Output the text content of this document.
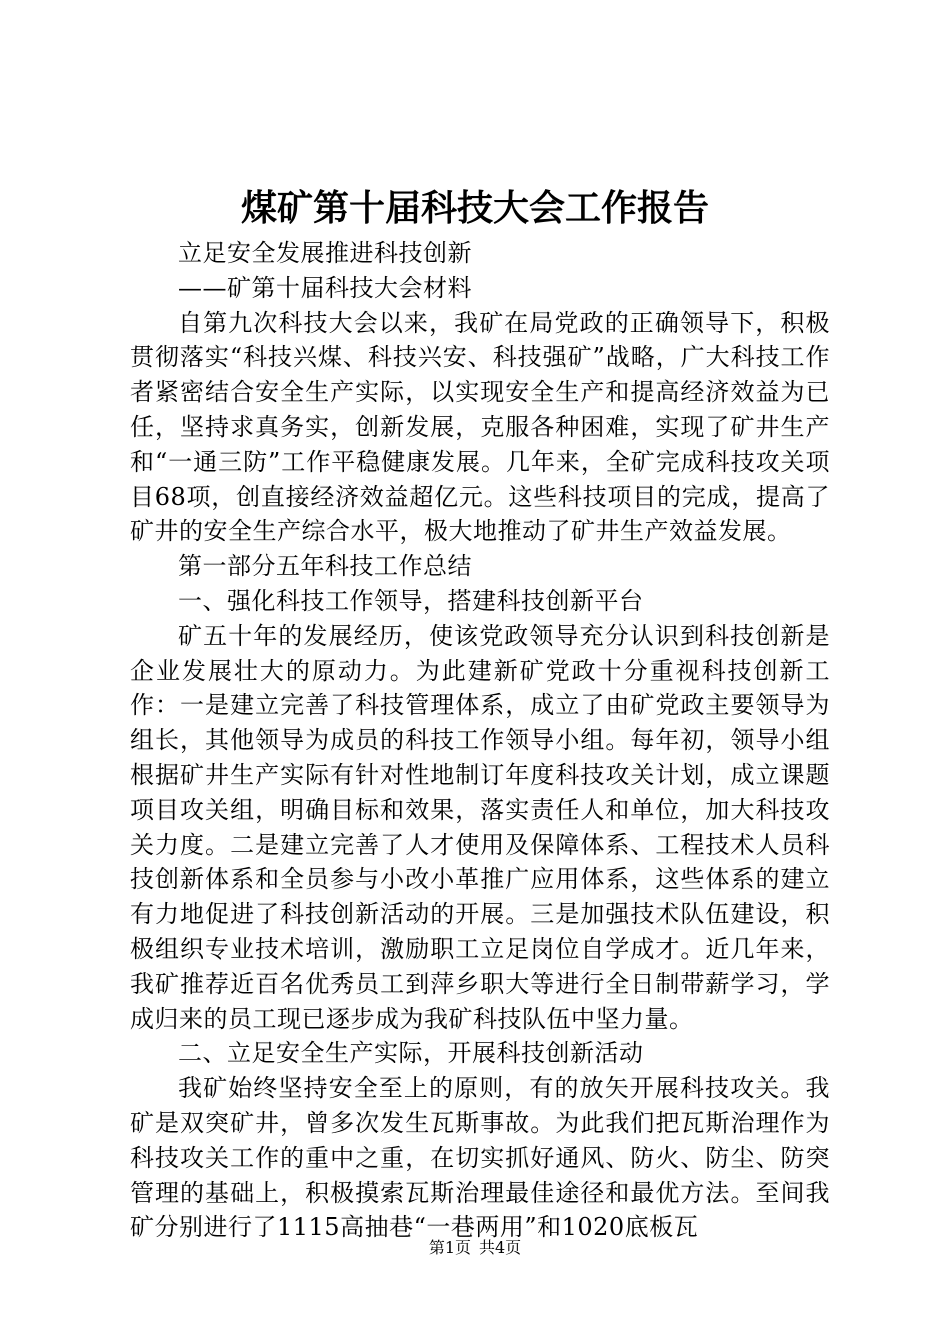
煤矿第十届科技大会工作报告

立足安全发展推进科技创新

——矿第十届科技大会材料

自第九次科技大会以来，我矿在局党政的正确领导下，积极贯彻落实“科技兴煤、科技兴安、科技强矿”战略，广大科技工作者紧密结合安全生产实际，以实现安全生产和提高经济效益为已任，坚持求真务实，创新发展，克服各种困难，实现了矿井生产和“一通三防”工作平稳健康发展。几年来，全矿完成科技攻关项目68项，创直接经济效益超亿元。这些科技项目的完成，提高了矿井的安全生产综合水平，极大地推动了矿井生产效益发展。

第一部分五年科技工作总结

一、强化科技工作领导，搭建科技创新平台

矿五十年的发展经历，使该党政领导充分认识到科技创新是企业发展壮大的原动力。为此建新矿党政十分重视科技创新工作：一是建立完善了科技管理体系，成立了由矿党政主要领导为组长，其他领导为成员的科技工作领导小组。每年初，领导小组根据矿井生产实际有针对性地制订年度科技攻关计划，成立课题项目攻关组，明确目标和效果，落实责任人和单位，加大科技攻关力度。二是建立完善了人才使用及保障体系、工程技术人员科技创新体系和全员参与小改小革推广应用体系，这些体系的建立有力地促进了科技创新活动的开展。三是加强技术队伍建设，积极组织专业技术培训，激励职工立足岗位自学成才。近几年来，我矿推荐近百名优秀员工到萍乡职大等进行全日制带薪学习，学成归来的员工现已逐步成为我矿科技队伍中坚力量。

二、立足安全生产实际，开展科技创新活动

我矿始终坚持安全至上的原则，有的放矢开展科技攻关。我矿是双突矿井，曾多次发生瓦斯事故。为此我们把瓦斯治理作为科技攻关工作的重中之重，在切实抓好通风、防火、防尘、防突管理的基础上，积极摸索瓦斯治理最佳途径和最优方法。至间我矿分别进行了1115高抽巷“一巷两用”和1020底板瓦

第1页 共4页
